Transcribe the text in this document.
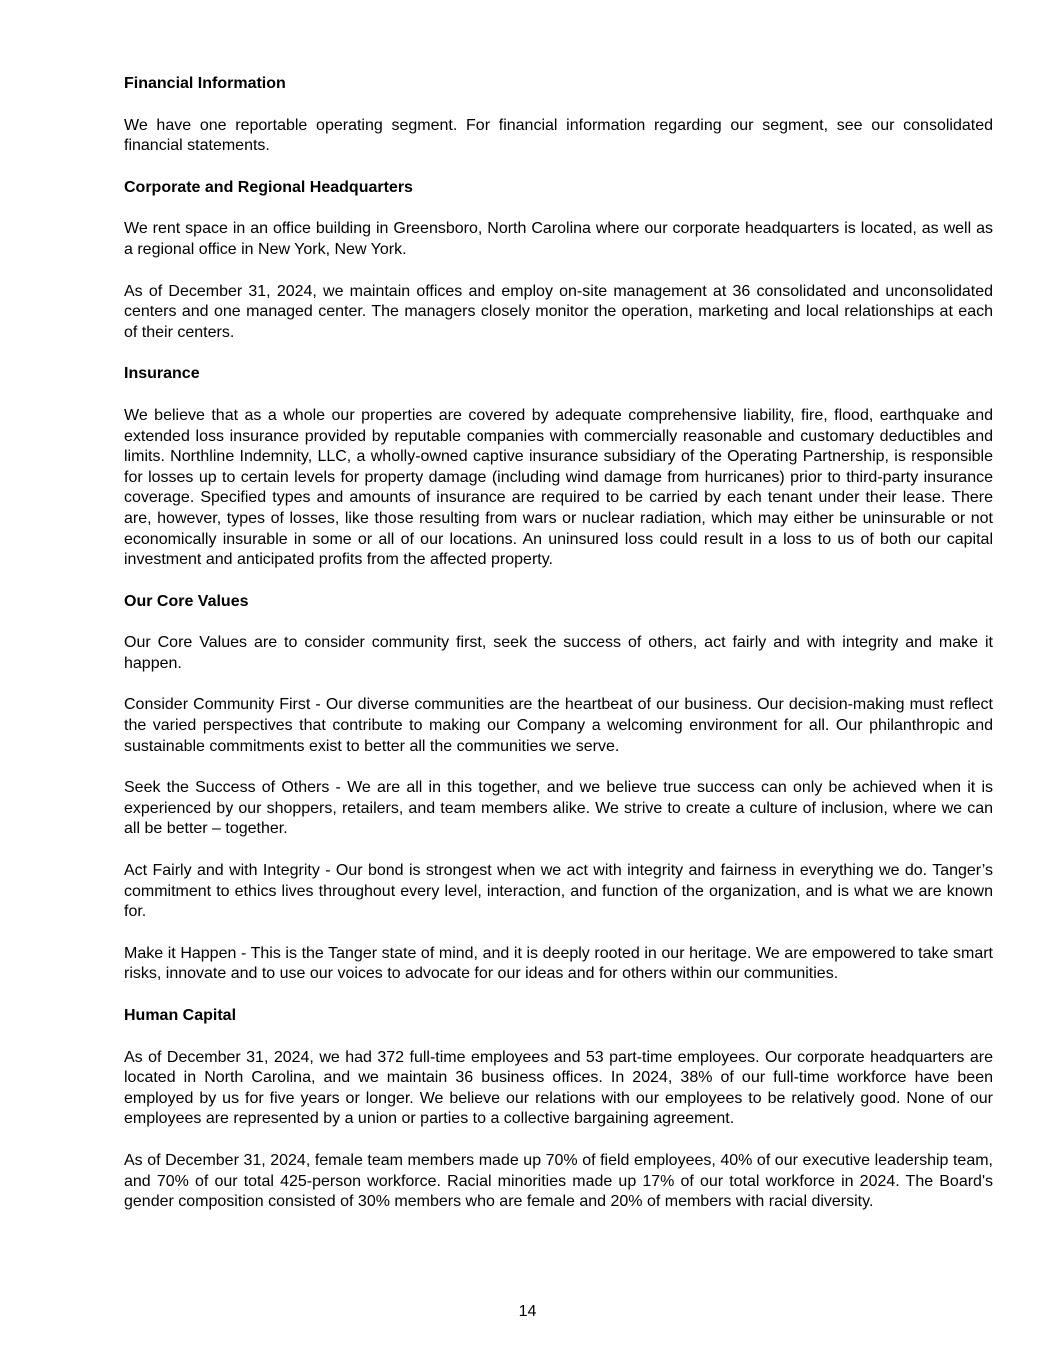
Financial Information
We have one reportable operating segment. For financial information regarding our segment, see our consolidated financial statements.
Corporate and Regional Headquarters
We rent space in an office building in Greensboro, North Carolina where our corporate headquarters is located, as well as a regional office in New York, New York.
As of December 31, 2024, we maintain offices and employ on-site management at 36 consolidated and unconsolidated centers and one managed center. The managers closely monitor the operation, marketing and local relationships at each of their centers.
Insurance
We believe that as a whole our properties are covered by adequate comprehensive liability, fire, flood, earthquake and extended loss insurance provided by reputable companies with commercially reasonable and customary deductibles and limits. Northline Indemnity, LLC, a wholly-owned captive insurance subsidiary of the Operating Partnership, is responsible for losses up to certain levels for property damage (including wind damage from hurricanes) prior to third-party insurance coverage. Specified types and amounts of insurance are required to be carried by each tenant under their lease. There are, however, types of losses, like those resulting from wars or nuclear radiation, which may either be uninsurable or not economically insurable in some or all of our locations. An uninsured loss could result in a loss to us of both our capital investment and anticipated profits from the affected property.
Our Core Values
Our Core Values are to consider community first, seek the success of others, act fairly and with integrity and make it happen.
Consider Community First - Our diverse communities are the heartbeat of our business. Our decision-making must reflect the varied perspectives that contribute to making our Company a welcoming environment for all. Our philanthropic and sustainable commitments exist to better all the communities we serve.
Seek the Success of Others - We are all in this together, and we believe true success can only be achieved when it is experienced by our shoppers, retailers, and team members alike. We strive to create a culture of inclusion, where we can all be better – together.
Act Fairly and with Integrity - Our bond is strongest when we act with integrity and fairness in everything we do. Tanger’s commitment to ethics lives throughout every level, interaction, and function of the organization, and is what we are known for.
Make it Happen - This is the Tanger state of mind, and it is deeply rooted in our heritage. We are empowered to take smart risks, innovate and to use our voices to advocate for our ideas and for others within our communities.
Human Capital
As of December 31, 2024, we had 372 full-time employees and 53 part-time employees. Our corporate headquarters are located in North Carolina, and we maintain 36 business offices. In 2024, 38% of our full-time workforce have been employed by us for five years or longer. We believe our relations with our employees to be relatively good. None of our employees are represented by a union or parties to a collective bargaining agreement.
As of December 31, 2024, female team members made up 70% of field employees, 40% of our executive leadership team, and 70% of our total 425-person workforce. Racial minorities made up 17% of our total workforce in 2024. The Board's gender composition consisted of 30% members who are female and 20% of members with racial diversity.
14
